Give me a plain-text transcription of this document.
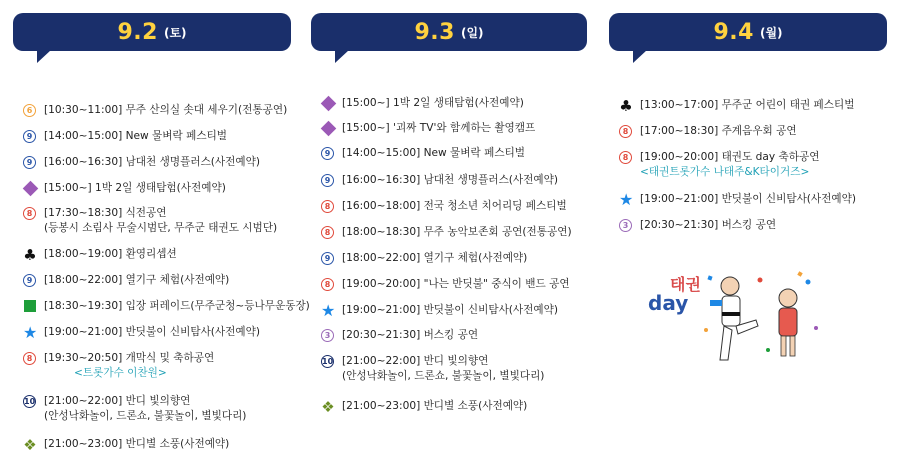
9.2 (토)
6	[10:30~11:00] 무주 산의실 솟대 세우기(전통공연)
9	[14:00~15:00] New 물벼락 페스티벌
9	[16:00~16:30] 남대천 생명플러스(사전예약)
[15:00~] 1박 2일 생태탐험(사전예약)
8	[17:30~18:30] 식전공연
(등봉시 소림사 무술시범단, 무주군 태권도 시범단)
♣ [18:00~19:00] 환영리셉션
9	[18:00~22:00] 열기구 체험(사전예약)
[18:30~19:30] 입장 퍼레이드(무주군청~등나무운동장)
★ [19:00~21:00] 반딧불이 신비탐사(사전예약)
8	[19:30~20:50] 개막식 및 축하공연
<트롯가수 이찬원>
10 [21:00~22:00] 반디 빛의향연
(안성낙화놀이, 드론쇼, 불꽃놀이, 별빛다리)
❖ [21:00~23:00] 반디별 소풍(사전예약)
9.3 (일)
[15:00~] 1박 2일 생태탐험(사전예약)
[15:00~] '괴짜 TV'와 함께하는 촬영캠프
9	[14:00~15:00] New 물벼락 페스티벌
9	[16:00~16:30] 남대천 생명플러스(사전예약)
8	[16:00~18:00] 전국 청소년 치어리딩 페스티벌
8	[18:00~18:30] 무주 농악보존회 공연(전통공연)
9	[18:00~22:00] 열기구 체험(사전예약)
8	[19:00~20:00] "나는 반딧불" 중식이 밴드 공연
★ [19:00~21:00] 반딧불이 신비탐사(사전예약)
3	[20:30~21:30] 버스킹 공연
10 [21:00~22:00] 반디 빛의향연
(안성낙화놀이, 드론쇼, 불꽃놀이, 별빛다리)
❖ [21:00~23:00] 반디별 소풍(사전예약)
9.4 (월)
♣ [13:00~17:00] 무주군 어린이 태권 페스티벌
8	[17:00~18:30] 주계음우회 공연
8	[19:00~20:00] 태권도 day 축하공연
<태권트롯가수 나태주&K타이거즈>
★ [19:00~21:00] 반딧불이 신비탐사(사전예약)
3	[20:30~21:30] 버스킹 공연
태권
day
